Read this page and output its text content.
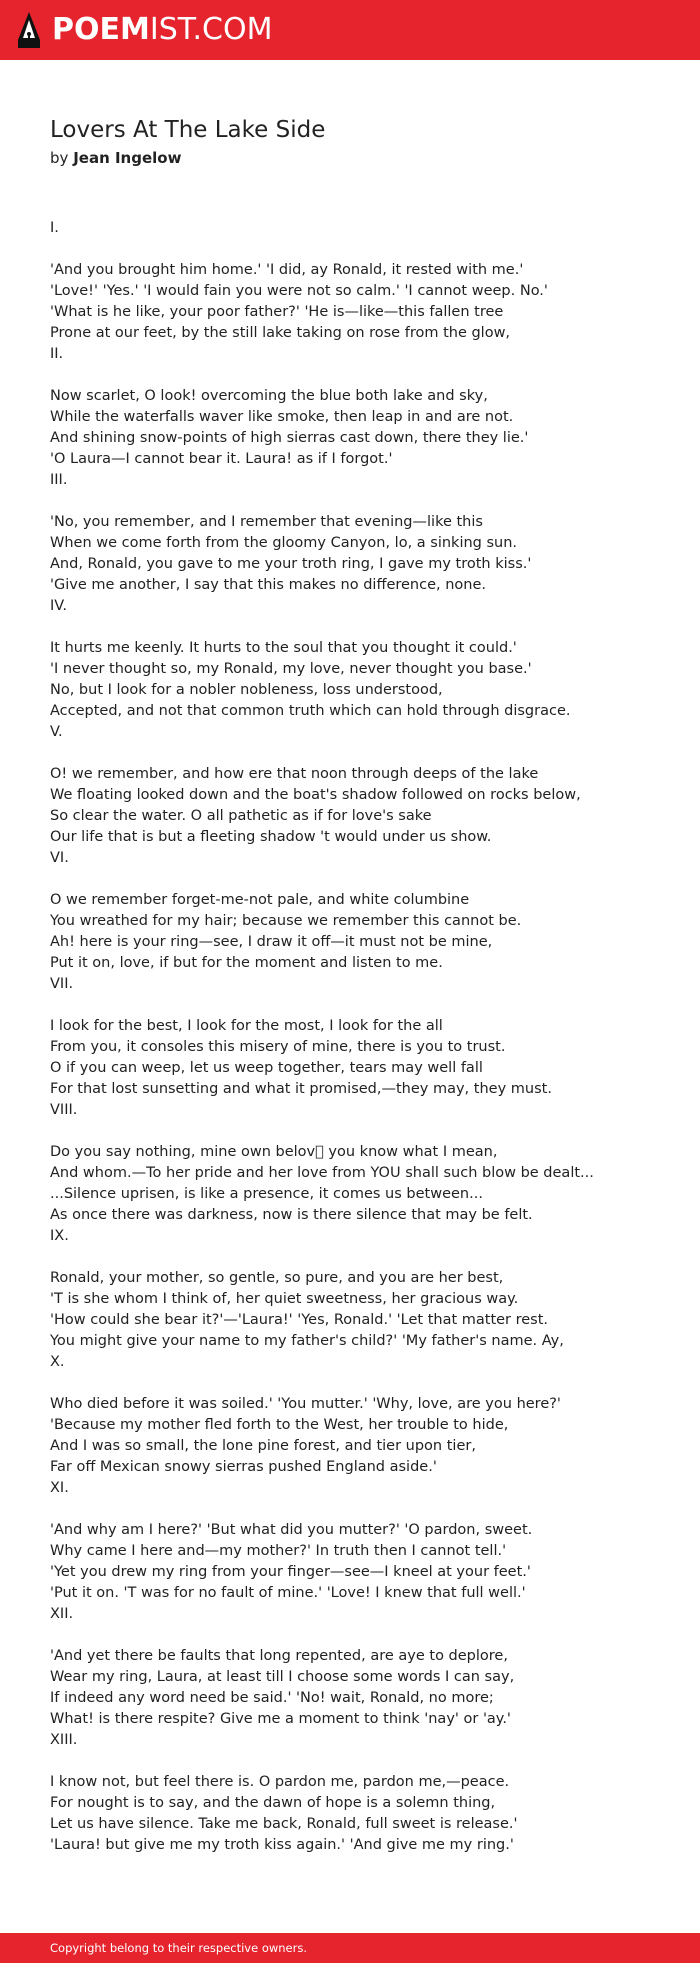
POEMIST.COM
Lovers At The Lake Side
by Jean Ingelow

I.

'And you brought him home.' 'I did, ay Ronald, it rested with me.'

'Love!' 'Yes.' 'I would fain you were not so calm.' 'I cannot weep. No.'

'What is he like, your poor father?' 'He is—like—this fallen tree

Prone at our feet, by the still lake taking on rose from the glow,

II.

Now scarlet, O look! overcoming the blue both lake and sky,

While the waterfalls waver like smoke, then leap in and are not.

And shining snow-points of high sierras cast down, there they lie.'

'O Laura—I cannot bear it. Laura! as if I forgot.'

III.

'No, you remember, and I remember that evening—like this

When we come forth from the gloomy Canyon, lo, a sinking sun.

And, Ronald, you gave to me your troth ring, I gave my troth kiss.'

'Give me another, I say that this makes no difference, none.

IV.

It hurts me keenly. It hurts to the soul that you thought it could.'

'I never thought so, my Ronald, my love, never thought you base.'

No, but I look for a nobler nobleness, loss understood,

Accepted, and not that common truth which can hold through disgrace.

V.

O! we remember, and how ere that noon through deeps of the lake

We floating looked down and the boat's shadow followed on rocks below,

So clear the water. O all pathetic as if for love's sake

Our life that is but a fleeting shadow 't would under us show.

VI.

O we remember forget-me-not pale, and white columbine

You wreathed for my hair; because we remember this cannot be.

Ah! here is your ring—see, I draw it off—it must not be mine,

Put it on, love, if but for the moment and listen to me.

VII.

I look for the best, I look for the most, I look for the all

From you, it consoles this misery of mine, there is you to trust.

O if you can weep, let us weep together, tears may well fall

For that lost sunsetting and what it promised,—they may, they must.

VIII.

Do you say nothing, mine own belov  you know what I mean,

And whom.—To her pride and her love from YOU shall such blow be dealt...

...Silence uprisen, is like a presence, it comes us between...

As once there was darkness, now is there silence that may be felt.

IX.

Ronald, your mother, so gentle, so pure, and you are her best,

'T is she whom I think of, her quiet sweetness, her gracious way.

'How could she bear it?'—'Laura!' 'Yes, Ronald.' 'Let that matter rest.

You might give your name to my father's child?' 'My father's name. Ay,

X.

Who died before it was soiled.' 'You mutter.' 'Why, love, are you here?'

'Because my mother fled forth to the West, her trouble to hide,

And I was so small, the lone pine forest, and tier upon tier,

Far off Mexican snowy sierras pushed England aside.'

XI.

'And why am I here?' 'But what did you mutter?' 'O pardon, sweet.

Why came I here and—my mother?' In truth then I cannot tell.'

'Yet you drew my ring from your finger—see—I kneel at your feet.'

'Put it on. 'T was for no fault of mine.' 'Love! I knew that full well.'

XII.

'And yet there be faults that long repented, are aye to deplore,

Wear my ring, Laura, at least till I choose some words I can say,

If indeed any word need be said.' 'No! wait, Ronald, no more;

What! is there respite? Give me a moment to think 'nay' or 'ay.'

XIII.

I know not, but feel there is. O pardon me, pardon me,—peace.

For nought is to say, and the dawn of hope is a solemn thing,

Let us have silence. Take me back, Ronald, full sweet is release.'

'Laura! but give me my troth kiss again.' 'And give me my ring.'

Copyright belong to their respective owners.
